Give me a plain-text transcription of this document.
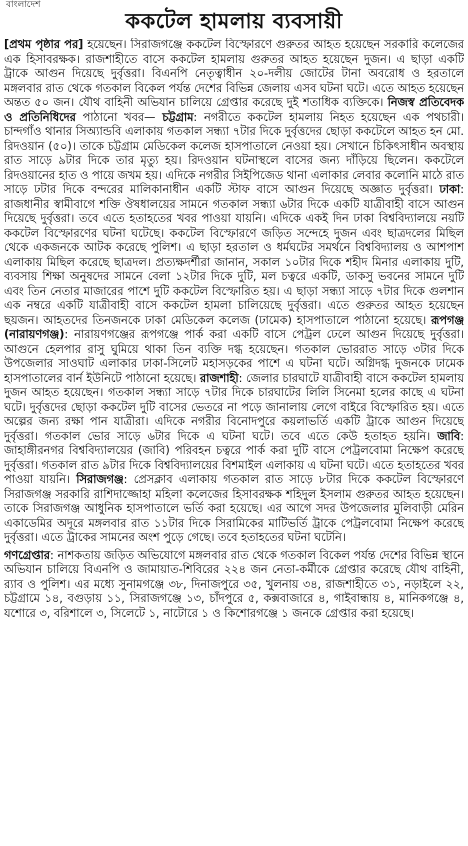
বাংলাদেশ
ককটেল হামলায় ব্যবসায়ী

[প্রথম পৃষ্ঠার পর] হয়েছেন। সিরাজগঞ্জে ককটেল বিস্ফোরণে গুরুতর আহত হয়েছেন সরকারি কলেজের এক হিসাবরক্ষক। রাজশাহীতে বাসে ককটেল হামলায় গুরুতর আহত হয়েছেন দুজন। এ ছাড়া একটি ট্রাকে আগুন দিয়েছে দুর্বৃত্তরা। বিএনপি নেতৃত্বাধীন ২০-দলীয় জোটের টানা অবরোধ ও হরতালে মঙ্গলবার রাত থেকে গতকাল বিকেল পর্যন্ত দেশের বিভিন্ন জেলায় এসব ঘটনা ঘটে। এতে আহত হয়েছেন অন্তত ৫০ জন। যৌথ বাহিনী অভিযান চালিয়ে গ্রেপ্তার করেছে দুই শতাধিক ব্যক্তিকে। নিজস্ব প্রতিবেদক ও প্রতিনিধিদের পাঠানো খবর— চট্টগ্রাম: নগরীতে ককটেল হামলায় নিহত হয়েছেন এক পথচারী। চান্দগাঁও থানার সিঅ্যান্ডবি এলাকায় গতকাল সন্ধ্যা ৭টার দিকে দুর্বৃত্তদের ছোড়া ককটেলে আহত হন মো. রিদওয়ান (৫০)। তাকে চট্টগ্রাম মেডিকেল কলেজ হাসপাতালে নেওয়া হয়। সেখানে চিকিৎসাধীন অবস্থায় রাত সাড়ে ৯টার দিকে তার মৃত্যু হয়। রিদওয়ান ঘটনাস্থলে বাসের জন্য দাঁড়িয়ে ছিলেন। ককটেলে রিদওয়ানের হাত ও পায়ে জখম হয়। এদিকে নগরীর সিইপিজেড থানা এলাকার লেবার কলোনি মাঠে রাত সাড়ে ঢটার দিকে বন্দরের মালিকানাধীন একটি স্টাফ বাসে আগুন দিয়েছে অজ্ঞাত দুর্বৃত্তরা। ঢাকা: রাজধানীর স্বামীবাগে শক্তি ঔষধালয়ের সামনে গতকাল সন্ধ্যা ৬টার দিকে একটি যাত্রীবাহী বাসে আগুন দিয়েছে দুর্বৃত্তরা। তবে এতে হতাহতের খবর পাওয়া যায়নি। এদিকে একই দিন ঢাকা বিশ্ববিদ্যালয়ে নয়টি ককটেল বিস্ফোরণের ঘটনা ঘটেছে। ককটেল বিস্ফোরণে জড়িত সন্দেহে দুজন এবং ছাত্রদলের মিছিল থেকে একজনকে আটক করেছে পুলিশ। এ ছাড়া হরতাল ও ধর্মঘটের সমর্থনে বিশ্ববিদ্যালয় ও আশপাশ এলাকায় মিছিল করেছে ছাত্রদল। প্রত্যক্ষদর্শীরা জানান, সকাল ১০টার দিকে শহীদ মিনার এলাকায় দুটি, ব্যবসায় শিক্ষা অনুষদের সামনে বেলা ১২টার দিকে দুটি, মল চত্বরে একটি, ডাকসু ভবনের সামনে দুটি এবং তিন নেতার মাজারের পাশে দুটি ককটেল বিস্ফোরিত হয়। এ ছাড়া সন্ধ্যা সাড়ে ৭টার দিকে গুলশান এক নম্বরে একটি যাত্রীবাহী বাসে ককটেল হামলা চালিয়েছে দুর্বৃত্তরা। এতে গুরুতর আহত হয়েছেন ছয়জন। আহতদের তিনজনকে ঢাকা মেডিকেল কলেজ (ঢামেক) হাসপাতালে পাঠানো হয়েছে। রূপগঞ্জ (নারায়ণগঞ্জ): নারায়ণগঞ্জের রূপগঞ্জে পার্ক করা একটি বাসে পেট্রল ঢেলে আগুন দিয়েছে দুর্বৃত্তরা। আগুনে হেলপার রাসু ঘুমিয়ে থাকা তিন ব্যক্তি দগ্ধ হয়েছেন। গতকাল ভোররাত সাড়ে ৩টার দিকে উপজেলার সাওঘাট এলাকার ঢাকা-সিলেট মহাসড়কের পাশে এ ঘটনা ঘটে। অগ্নিদগ্ধ দুজনকে ঢামেক হাসপাতালের বার্ন ইউনিটে পাঠানো হয়েছে। রাজশাহী: জেলার চারঘাটে যাত্রীবাহী বাসে ককটেল হামলায় দুজন আহত হয়েছেন। গতকাল সন্ধ্যা সাড়ে ৭টার দিকে চারঘাটের লিলি সিনেমা হলের কাছে এ ঘটনা ঘটে। দুর্বৃত্তদের ছোড়া ককটেল দুটি বাসের ভেতরে না পড়ে জানালায় লেগে বাইরে বিস্ফোরিত হয়। এতে অল্পের জন্য রক্ষা পান যাত্রীরা। এদিকে নগরীর বিনোদপুরে কয়লাভর্তি একটি ট্রাকে আগুন দিয়েছে দুর্বৃত্তরা। গতকাল ভোর সাড়ে ৬টার দিকে এ ঘটনা ঘটে। তবে এতে কেউ হতাহত হয়নি। জাবি: জাহাঙ্গীরনগর বিশ্ববিদ্যালয়ের (জাবি) পরিবহন চত্বরে পার্ক করা দুটি বাসে পেট্রলবোমা নিক্ষেপ করেছে দুর্বৃত্তরা। গতকাল রাত ৯টার দিকে বিশ্ববিদ্যালয়ের বিশমাইল এলাকায় এ ঘটনা ঘটে। এতে হতাহতের খবর পাওয়া যায়নি। সিরাজগঞ্জ: প্রেসক্লাব এলাকায় গতকাল রাত সাড়ে ৮টার দিকে ককটেল বিস্ফোরণে সিরাজগঞ্জ সরকারি রাশিদাজ্জোহা মহিলা কলেজের হিসাবরক্ষক শহিদুল ইসলাম গুরুতর আহত হয়েছেন। তাকে সিরাজগঞ্জ আধুনিক হাসপাতালে ভর্তি করা হয়েছে। এর আগে সদর উপজেলার মুলিবাড়ী মেরিন একাডেমির অদূরে মঙ্গলবার রাত ১১টার দিকে সিরামিকের মাটিভর্তি ট্রাকে পেট্রলবোমা নিক্ষেপ করেছে দুর্বৃত্তরা। এতে ট্রাকের সামনের অংশ পুড়ে গেছে। তবে হতাহতের ঘটনা ঘটেনি।

গণগ্রেপ্তার: নাশকতায় জড়িত অভিযোগে মঙ্গলবার রাত থেকে গতকাল বিকেল পর্যন্ত দেশের বিভিন্ন স্থানে অভিযান চালিয়ে বিএনপি ও জামায়াত-শিবিরের ২২৪ জন নেতা-কর্মীকে গ্রেপ্তার করেছে যৌথ বাহিনী, র‌্যাব ও পুলিশ। এর মধ্যে সুনামগঞ্জে ৩৮, দিনাজপুরে ৩৫, খুলনায় ৩৪, রাজশাহীতে ৩১, নড়াইলে ২২, চট্টগ্রামে ১৪, বগুড়ায় ১১, সিরাজগঞ্জে ১৩, চাঁদপুরে ৫, কক্সবাজারে ৪, গাইবান্ধায় ৪, মানিকগঞ্জে ৪, যশোরে ৩, বরিশালে ৩, সিলেটে ১, নাটোরে ১ ও কিশোরগঞ্জে ১ জনকে গ্রেপ্তার করা হয়েছে।
